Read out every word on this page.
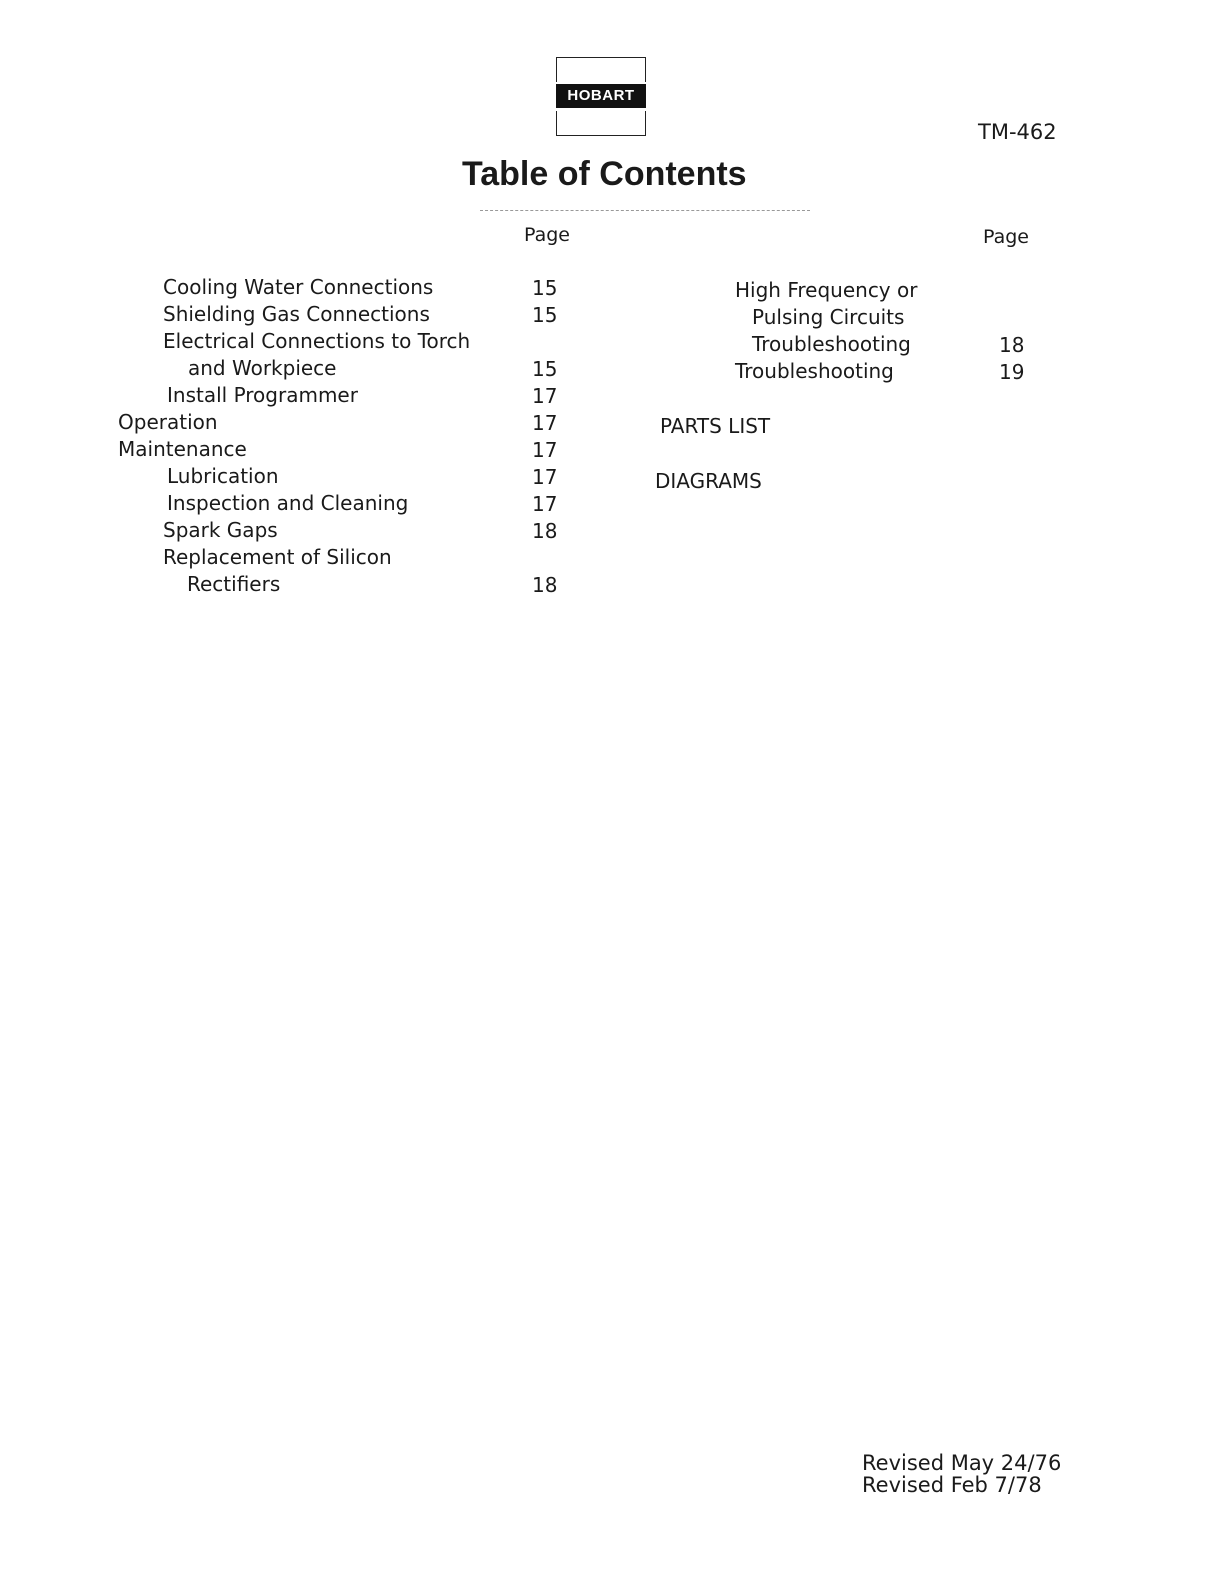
HOBART
TM-462
Table of Contents
Page
Cooling Water Connections	15
Shielding Gas Connections	15
Electrical Connections to Torch
and Workpiece	15
Install Programmer	17
Operation	17
Maintenance	17
Lubrication	17
Inspection and Cleaning	17
Spark Gaps	18
Replacement of Silicon
Rectifiers	18
Page
High Frequency or
Pulsing Circuits
Troubleshooting	18
Troubleshooting	19
PARTS LIST
DIAGRAMS
Revised May 24/76
Revised Feb 7/78
